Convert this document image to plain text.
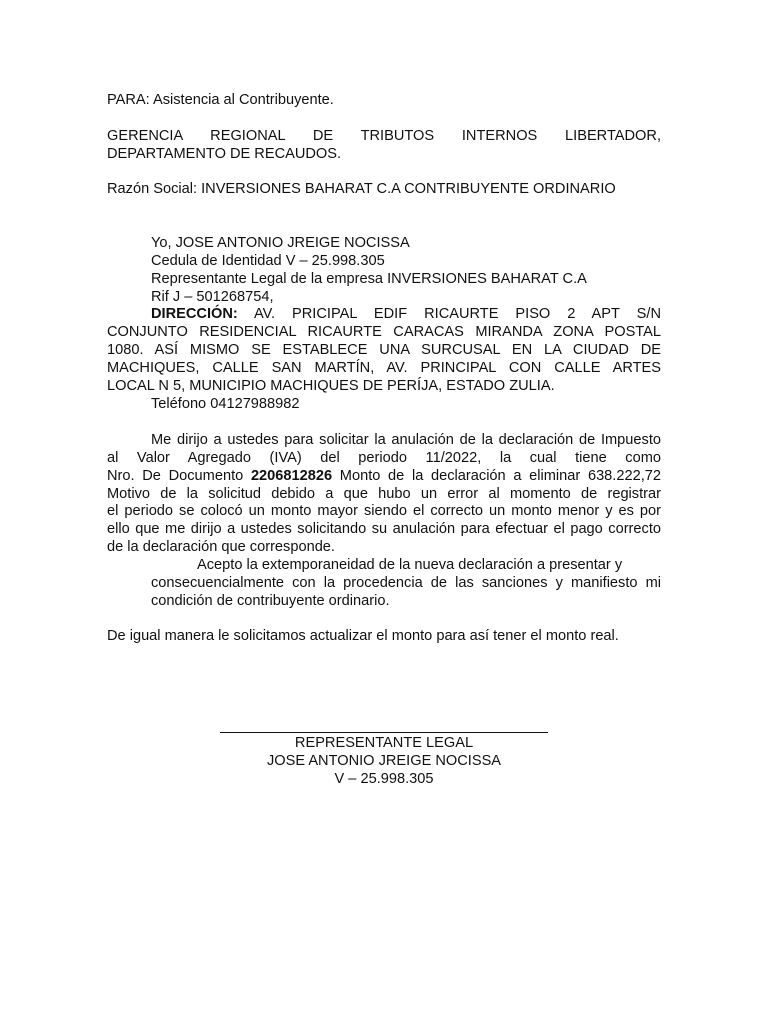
PARA: Asistencia al Contribuyente.
GERENCIA REGIONAL DE TRIBUTOS INTERNOS LIBERTADOR,
DEPARTAMENTO DE RECAUDOS.
Razón Social: INVERSIONES BAHARAT C.A CONTRIBUYENTE ORDINARIO
Yo, JOSE ANTONIO JREIGE NOCISSA
Cedula de Identidad V – 25.998.305
Representante Legal de la empresa INVERSIONES BAHARAT C.A
Rif J – 501268754,
DIRECCIÓN: AV. PRICIPAL EDIF RICAURTE PISO 2 APT S/N
CONJUNTO RESIDENCIAL RICAURTE CARACAS MIRANDA ZONA POSTAL
1080. ASÍ MISMO SE ESTABLECE UNA SURCUSAL EN LA CIUDAD DE
MACHIQUES, CALLE SAN MARTÍN, AV. PRINCIPAL CON CALLE ARTES
LOCAL N 5, MUNICIPIO MACHIQUES DE PERÍJA, ESTADO ZULIA.
Teléfono 04127988982
Me dirijo a ustedes para solicitar la anulación de la declaración de Impuesto
al Valor Agregado (IVA) del periodo 11/2022, la cual tiene como
Nro. De Documento 2206812826 Monto de la declaración a eliminar 638.222,72
Motivo de la solicitud debido a que hubo un error al momento de registrar
el periodo se colocó un monto mayor siendo el correcto un monto menor y es por
ello que me dirijo a ustedes solicitando su anulación para efectuar el pago correcto
de la declaración que corresponde.
Acepto la extemporaneidad de la nueva declaración a presentar y
consecuencialmente con la procedencia de las sanciones y manifiesto mi
condición de contribuyente ordinario.
De igual manera le solicitamos actualizar el monto para así tener el monto real.
REPRESENTANTE LEGAL
JOSE ANTONIO JREIGE NOCISSA
V – 25.998.305
